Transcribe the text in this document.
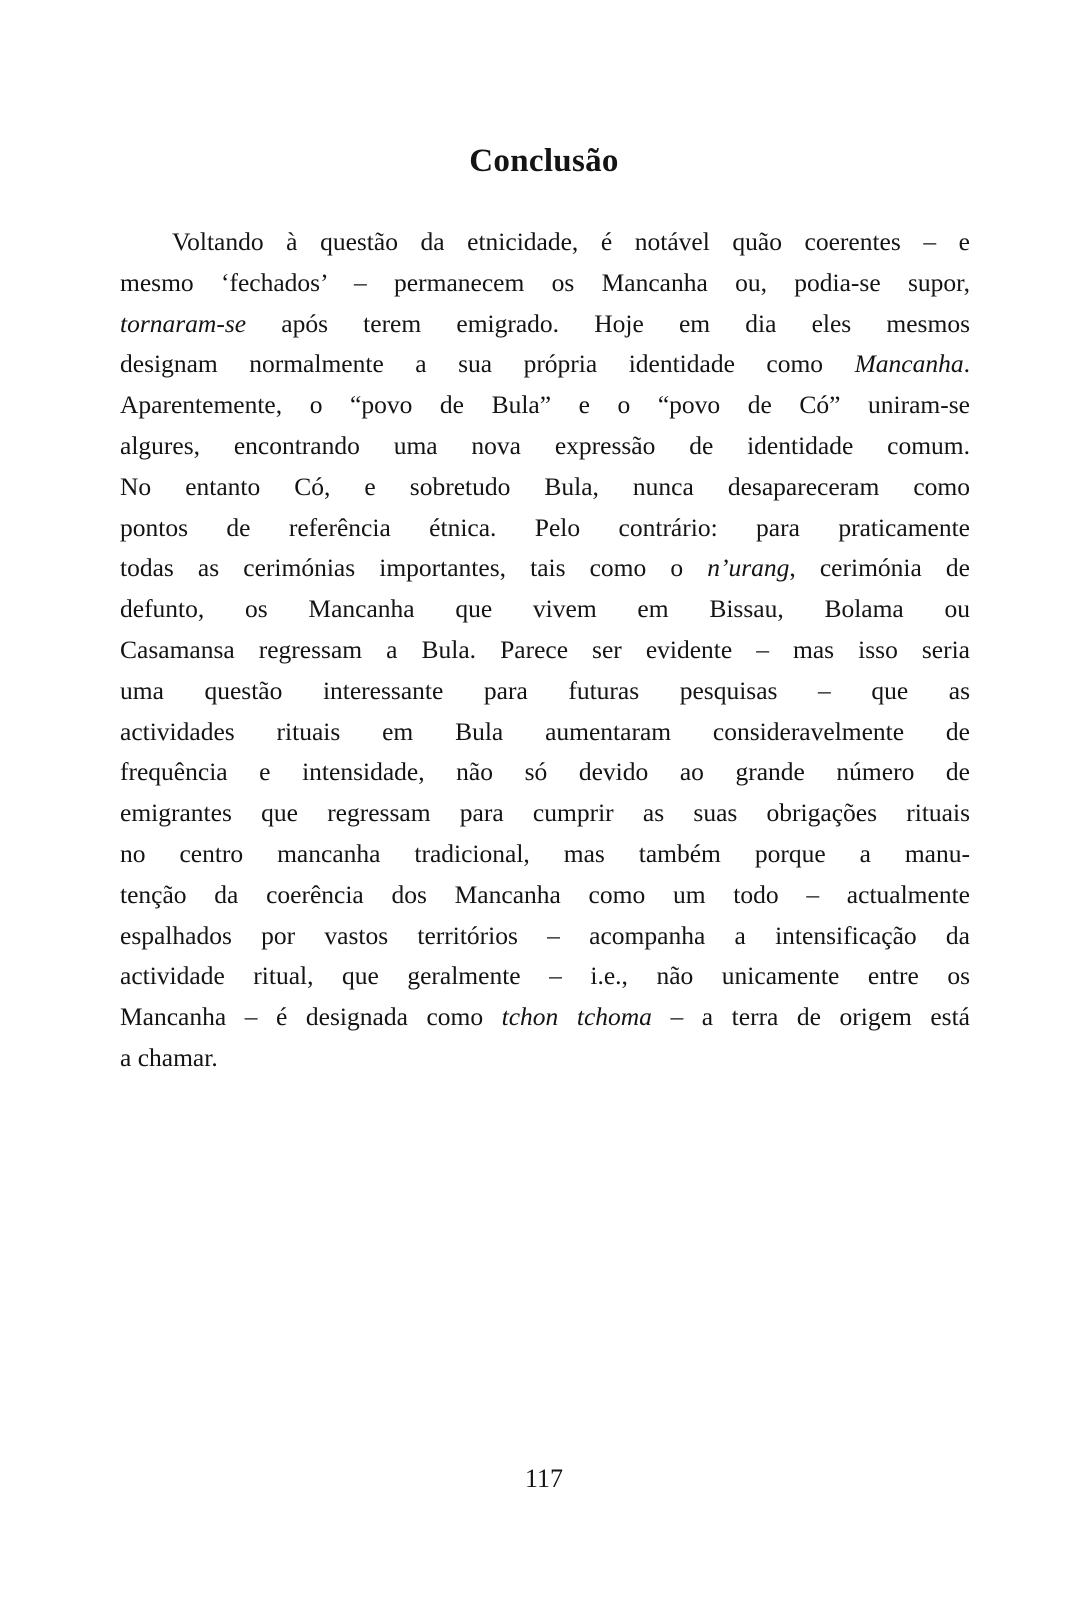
Conclusão
Voltando à questão da etnicidade, é notável quão coerentes – e
mesmo ‘fechados’ – permanecem os Mancanha ou, podia-se supor,
tornaram-se após terem emigrado. Hoje em dia eles mesmos
designam normalmente a sua própria identidade como Mancanha.
Aparentemente, o “povo de Bula” e o “povo de Có” uniram-se
algures, encontrando uma nova expressão de identidade comum.
No entanto Có, e sobretudo Bula, nunca desapareceram como
pontos de referência étnica. Pelo contrário: para praticamente
todas as cerimónias importantes, tais como o n’urang, cerimónia de
defunto, os Mancanha que vivem em Bissau, Bolama ou
Casamansa regressam a Bula. Parece ser evidente – mas isso seria
uma questão interessante para futuras pesquisas – que as
actividades rituais em Bula aumentaram consideravelmente de
frequência e intensidade, não só devido ao grande número de
emigrantes que regressam para cumprir as suas obrigações rituais
no centro mancanha tradicional, mas também porque a manu-
tenção da coerência dos Mancanha como um todo – actualmente
espalhados por vastos territórios – acompanha a intensificação da
actividade ritual, que geralmente – i.e., não unicamente entre os
Mancanha – é designada como tchon tchoma – a terra de origem está
a chamar.
117
